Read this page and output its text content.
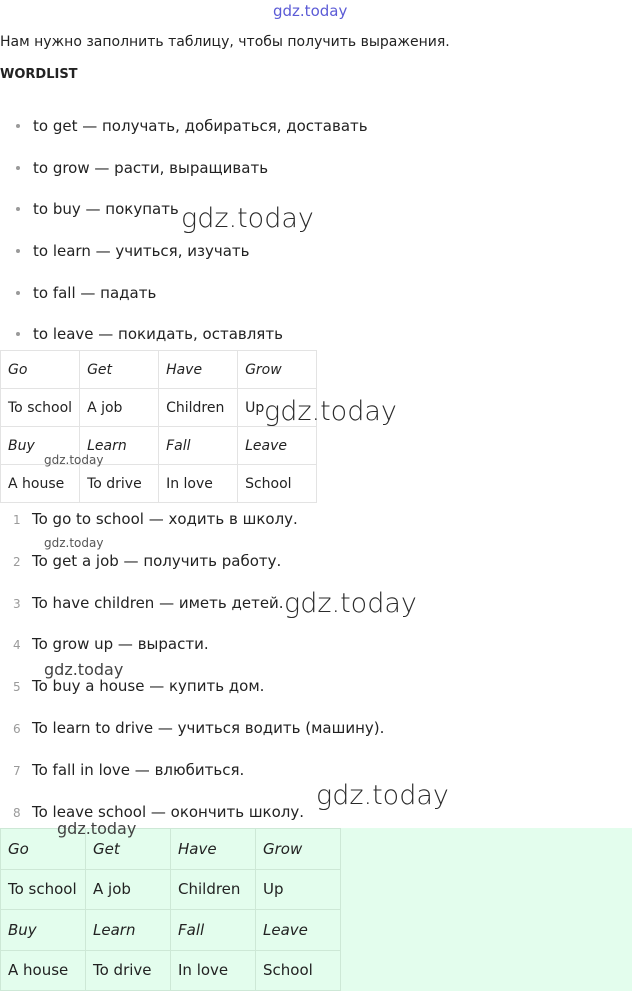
gdz.today
Нам нужно заполнить таблицу, чтобы получить выражения.
WORDLIST
to get — получать, добираться, доставать
to grow — расти, выращивать
to buy — покупать
to learn — учиться, изучать
to fall — падать
to leave — покидать, оставлять
Go	Get	Have	Grow
To school	A job	Children	Up
Buy	Learn	Fall	Leave
A house	To drive	In love	School
1 To go to school — ходить в школу.
2 To get a job — получить работу.
3 To have children — иметь детей.
4 To grow up — вырасти.
5 To buy a house — купить дом.
6 To learn to drive — учиться водить (машину).
7 To fall in love — влюбиться.
8 To leave school — окончить школу.
Go	Get	Have	Grow
To school	A job	Children	Up
Buy	Learn	Fall	Leave
A house	To drive	In love	School
gdz.today
gdz.today
gdz.today
gdz.today
gdz.today
gdz.today
gdz.today
gdz.today
